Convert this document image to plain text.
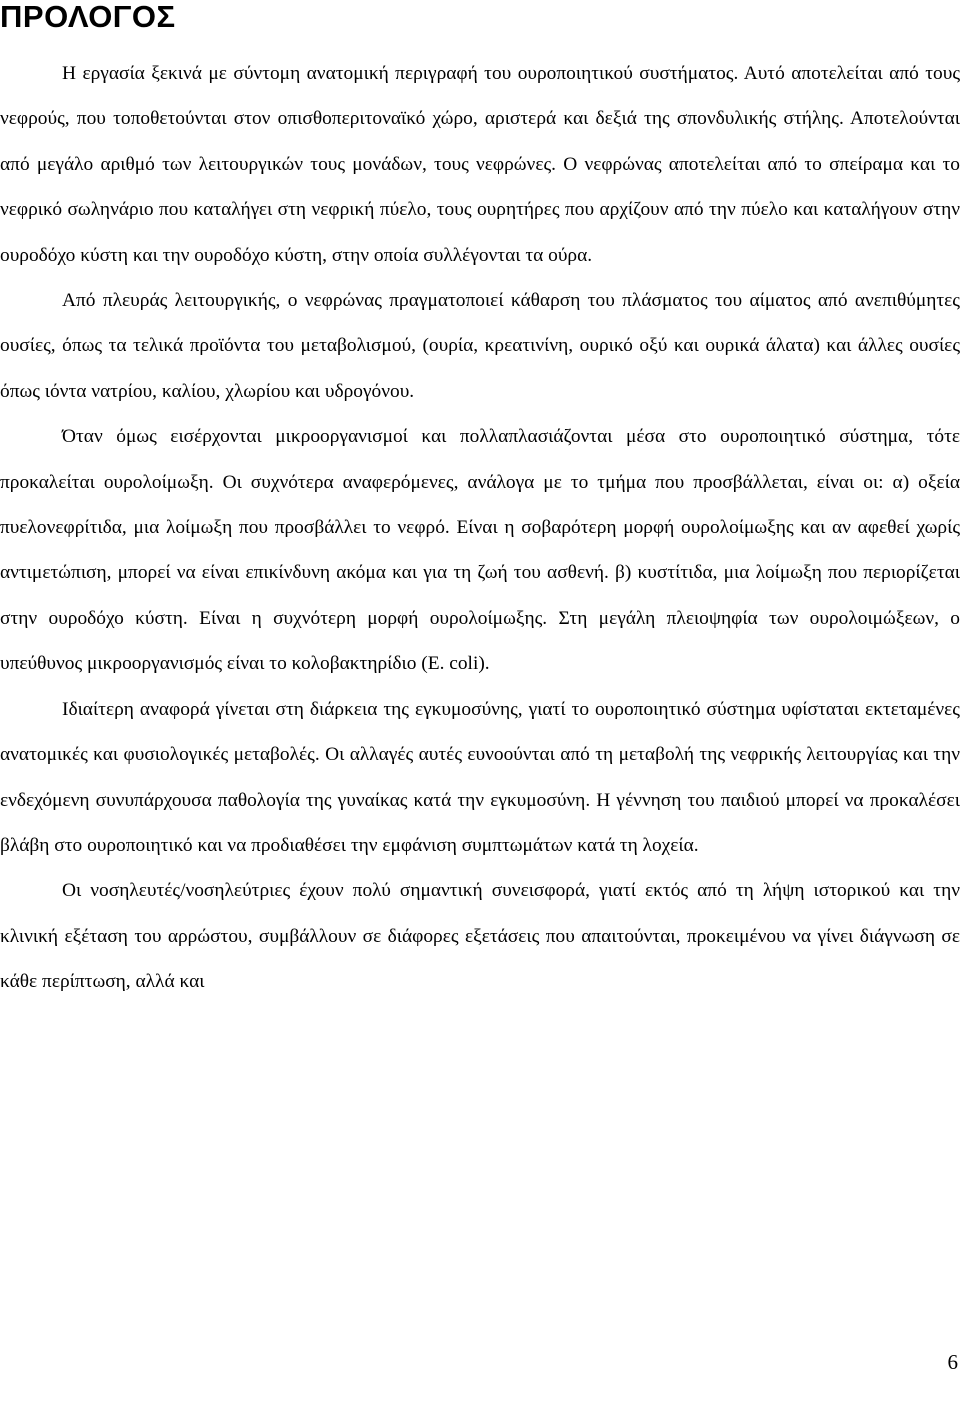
ΠΡΟΛΟΓΟΣ

Η εργασία ξεκινά με σύντομη ανατομική περιγραφή του ουροποιητικού συστήματος. Αυτό αποτελείται από τους νεφρούς, που τοποθετούνται στον οπισθοπεριτοναϊκό χώρο, αριστερά και δεξιά της σπονδυλικής στήλης. Αποτελούνται από μεγάλο αριθμό των λειτουργικών τους μονάδων, τους νεφρώνες. Ο νεφρώνας αποτελείται από το σπείραμα και το νεφρικό σωληνάριο που καταλήγει στη νεφρική πύελο, τους ουρητήρες που αρχίζουν από την πύελο και καταλήγουν στην ουροδόχο κύστη και την ουροδόχο κύστη, στην οποία συλλέγονται τα ούρα.

Από πλευράς λειτουργικής, ο νεφρώνας πραγματοποιεί κάθαρση του πλάσματος του αίματος από ανεπιθύμητες ουσίες, όπως τα τελικά προϊόντα του μεταβολισμού, (ουρία, κρεατινίνη, ουρικό οξύ και ουρικά άλατα) και άλλες ουσίες όπως ιόντα νατρίου, καλίου, χλωρίου και υδρογόνου.

Όταν όμως εισέρχονται μικροοργανισμοί και πολλαπλασιάζονται μέσα στο ουροποιητικό σύστημα, τότε προκαλείται ουρολοίμωξη. Οι συχνότερα αναφερόμενες, ανάλογα με το τμήμα που προσβάλλεται, είναι οι: α) οξεία πυελονεφρίτιδα, μια λοίμωξη που προσβάλλει το νεφρό. Είναι η σοβαρότερη μορφή ουρολοίμωξης και αν αφεθεί χωρίς αντιμετώπιση, μπορεί να είναι επικίνδυνη ακόμα και για τη ζωή του ασθενή. β) κυστίτιδα, μια λοίμωξη που περιορίζεται στην ουροδόχο κύστη. Είναι η συχνότερη μορφή ουρολοίμωξης. Στη μεγάλη πλειοψηφία των ουρολοιμώξεων, ο υπεύθυνος μικροοργανισμός είναι το κολοβακτηρίδιο (E. coli).

Ιδιαίτερη αναφορά γίνεται στη διάρκεια της εγκυμοσύνης, γιατί το ουροποιητικό σύστημα υφίσταται εκτεταμένες ανατομικές και φυσιολογικές μεταβολές. Οι αλλαγές αυτές ευνοούνται από τη μεταβολή της νεφρικής λειτουργίας και την ενδεχόμενη συνυπάρχουσα παθολογία της γυναίκας κατά την εγκυμοσύνη. Η γέννηση του παιδιού μπορεί να προκαλέσει βλάβη στο ουροποιητικό και να προδιαθέσει την εμφάνιση συμπτωμάτων κατά τη λοχεία.

Οι νοσηλευτές/νοσηλεύτριες έχουν πολύ σημαντική συνεισφορά, γιατί εκτός από τη λήψη ιστορικού και την κλινική εξέταση του αρρώστου, συμβάλλουν σε διάφορες εξετάσεις που απαιτούνται, προκειμένου να γίνει διάγνωση σε κάθε περίπτωση, αλλά και

6
